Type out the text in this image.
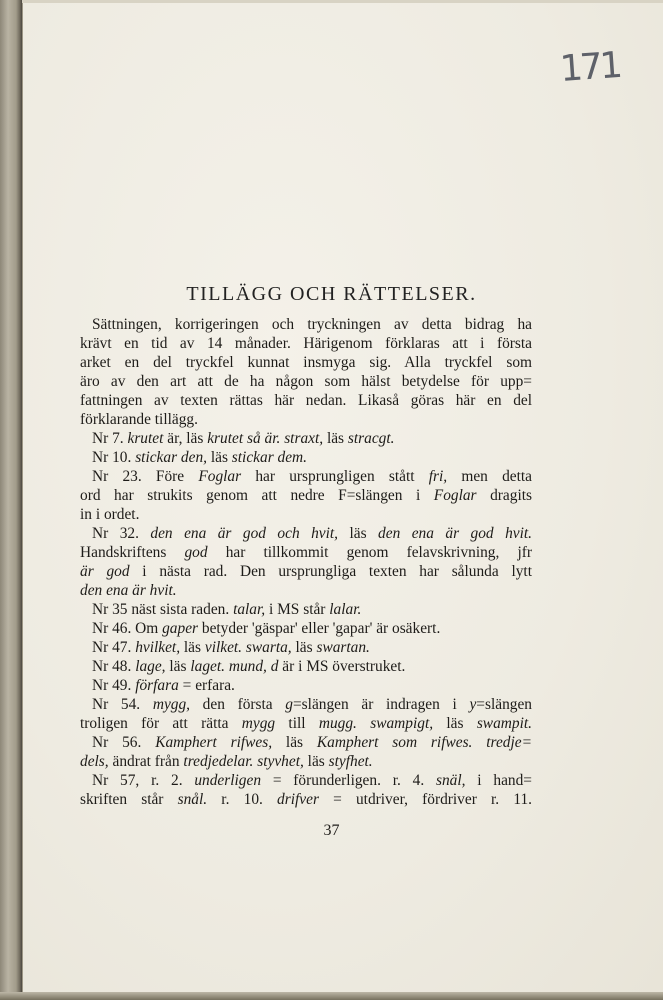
171
TILLÄGG OCH RÄTTELSER.
Sättningen, korrigeringen och tryckningen av detta bidrag ha
krävt en tid av 14 månader. Härigenom förklaras att i första
arket en del tryckfel kunnat insmyga sig. Alla tryckfel som
äro av den art att de ha någon som hälst betydelse för upp=
fattningen av texten rättas här nedan. Likaså göras här en del
förklarande tillägg.
Nr 7. krutet är, läs krutet så är. straxt, läs stracgt.
Nr 10. stickar den, läs stickar dem.
Nr 23. Före Foglar har ursprungligen stått fri, men detta
ord har strukits genom att nedre F=slängen i Foglar dragits
in i ordet.
Nr 32. den ena är god och hvit, läs den ena är god hvit.
Handskriftens god har tillkommit genom felavskrivning, jfr
är god i nästa rad. Den ursprungliga texten har sålunda lytt
den ena är hvit.
Nr 35 näst sista raden. talar, i MS står lalar.
Nr 46. Om gaper betyder 'gäspar' eller 'gapar' är osäkert.
Nr 47. hvilket, läs vilket. swarta, läs swartan.
Nr 48. lage, läs laget. mund, d är i MS överstruket.
Nr 49. förfara = erfara.
Nr 54. mygg, den första g=slängen är indragen i y=slängen
troligen för att rätta mygg till mugg. swampigt, läs swampit.
Nr 56. Kamphert rifwes, läs Kamphert som rifwes. tredje=
dels, ändrat från tredjedelar. styvhet, läs styfhet.
Nr 57, r. 2. underligen = förunderligen. r. 4. snäl, i hand=
skriften står snål. r. 10. drifver = utdriver, fördriver r. 11.
37
